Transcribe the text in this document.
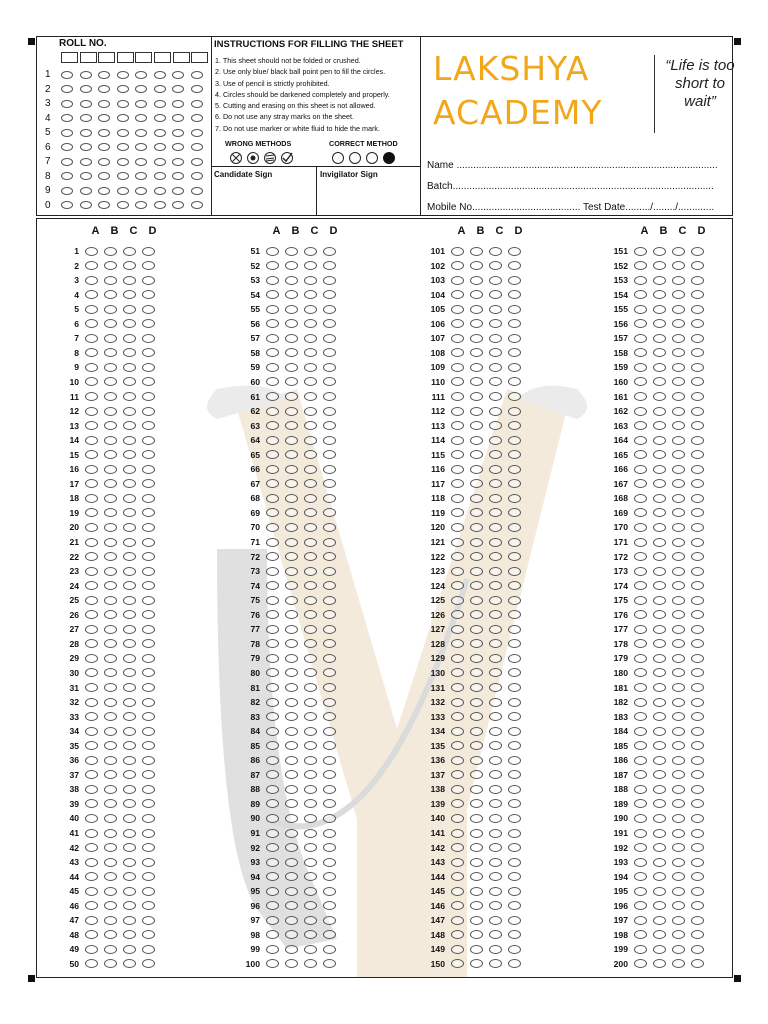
ROLL NO.
1
2
3
4
5
6
7
8
9
0
INSTRUCTIONS FOR FILLING THE SHEET
1. This sheet should not be folded or crushed.
2. Use only blue/ black ball point pen to fill the circles.
3. Use of pencil is strictly prohibited.
4. Circles should be darkened completely and properly.
5. Cutting and erasing on this sheet is not allowed.
6. Do not use any stray marks on the sheet.
7. Do not use marker or white fluid to hide the mark.
WRONG METHODS	CORRECT METHOD
Candidate Sign	Invigilator Sign
LAKSHYA
ACADEMY
“Life is too short to wait”
Name ..............................................................................................
Batch..............................................................................................
Mobile No....................................... Test Date........./......../.............
A	B	C	D
1
2
3
4
5
6
7
8
9
10
11
12
13
14
15
16
17
18
19
20
21
22
23
24
25
26
27
28
29
30
31
32
33
34
35
36
37
38
39
40
41
42
43
44
45
46
47
48
49
50
A	B	C	D
51
52
53
54
55
56
57
58
59
60
61
62
63
64
65
66
67
68
69
70
71
72
73
74
75
76
77
78
79
80
81
82
83
84
85
86
87
88
89
90
91
92
93
94
95
96
97
98
99
100
A	B	C	D
101
102
103
104
105
106
107
108
109
110
111
112
113
114
115
116
117
118
119
120
121
122
123
124
125
126
127
128
129
130
131
132
133
134
135
136
137
138
139
140
141
142
143
144
145
146
147
148
149
150
A	B	C	D
151
152
153
154
155
156
157
158
159
160
161
162
163
164
165
166
167
168
169
170
171
172
173
174
175
176
177
178
179
180
181
182
183
184
185
186
187
188
189
190
191
192
193
194
195
196
197
198
199
200
